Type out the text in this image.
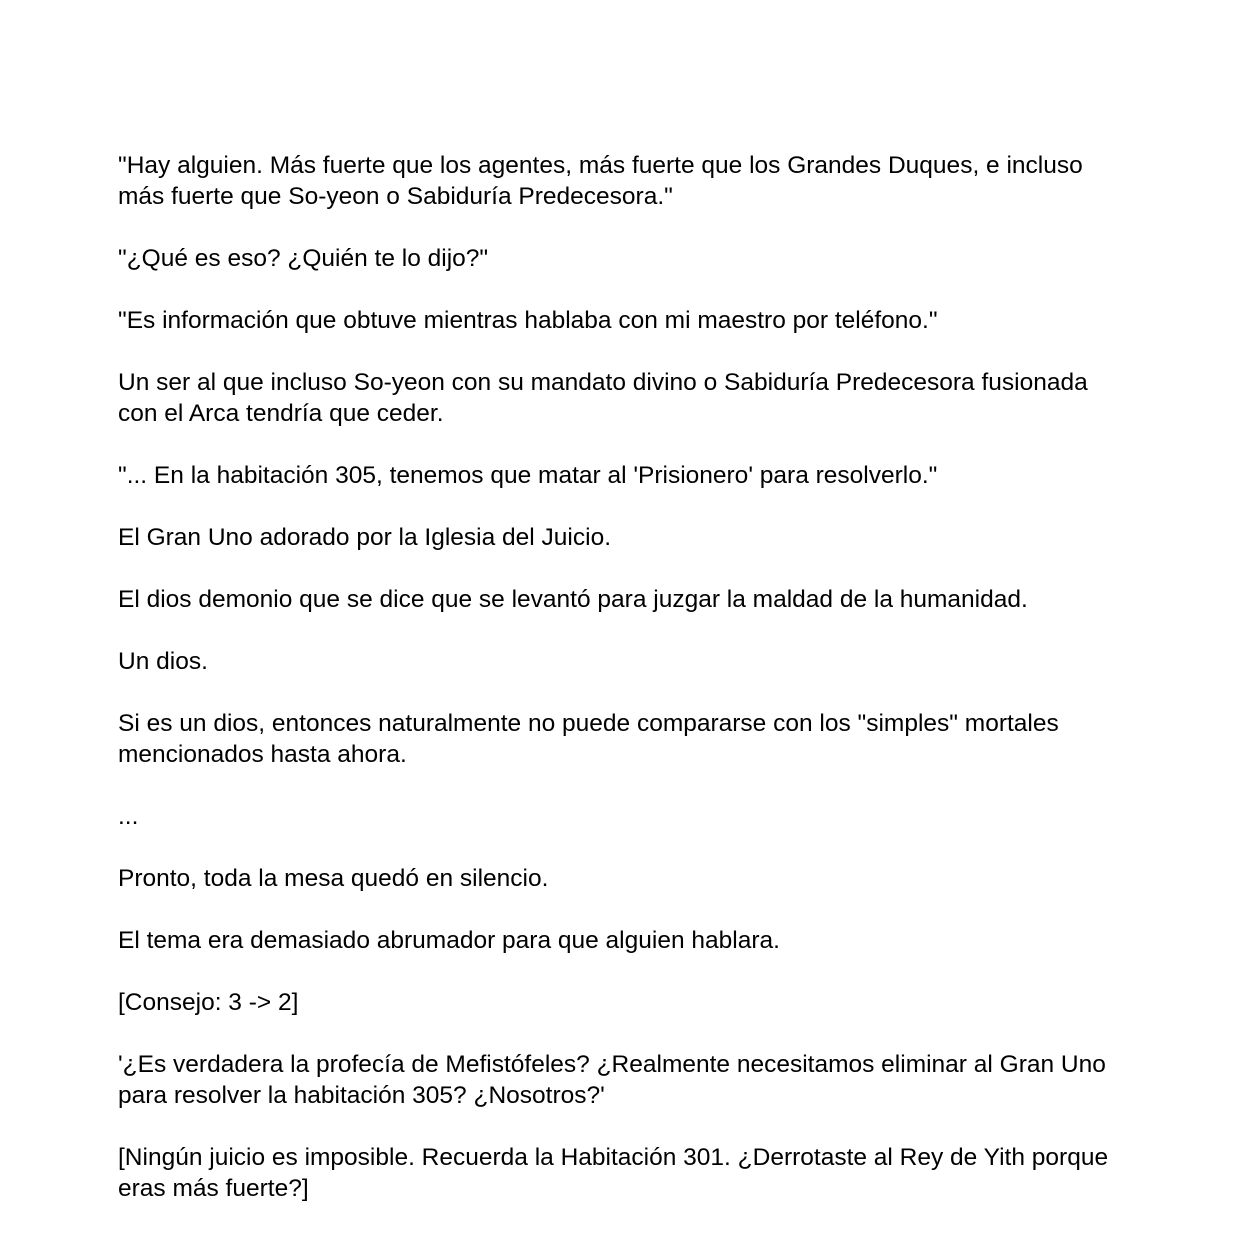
"Hay alguien. Más fuerte que los agentes, más fuerte que los Grandes Duques, e incluso más fuerte que So-yeon o Sabiduría Predecesora."

"¿Qué es eso? ¿Quién te lo dijo?"

"Es información que obtuve mientras hablaba con mi maestro por teléfono."

Un ser al que incluso So-yeon con su mandato divino o Sabiduría Predecesora fusionada con el Arca tendría que ceder.

"... En la habitación 305, tenemos que matar al 'Prisionero' para resolverlo."

El Gran Uno adorado por la Iglesia del Juicio.

El dios demonio que se dice que se levantó para juzgar la maldad de la humanidad.

Un dios.

Si es un dios, entonces naturalmente no puede compararse con los "simples" mortales mencionados hasta ahora.

...

Pronto, toda la mesa quedó en silencio.

El tema era demasiado abrumador para que alguien hablara.

[Consejo: 3 -> 2]

'¿Es verdadera la profecía de Mefistófeles? ¿Realmente necesitamos eliminar al Gran Uno para resolver la habitación 305? ¿Nosotros?'

[Ningún juicio es imposible. Recuerda la Habitación 301. ¿Derrotaste al Rey de Yith porque eras más fuerte?]
